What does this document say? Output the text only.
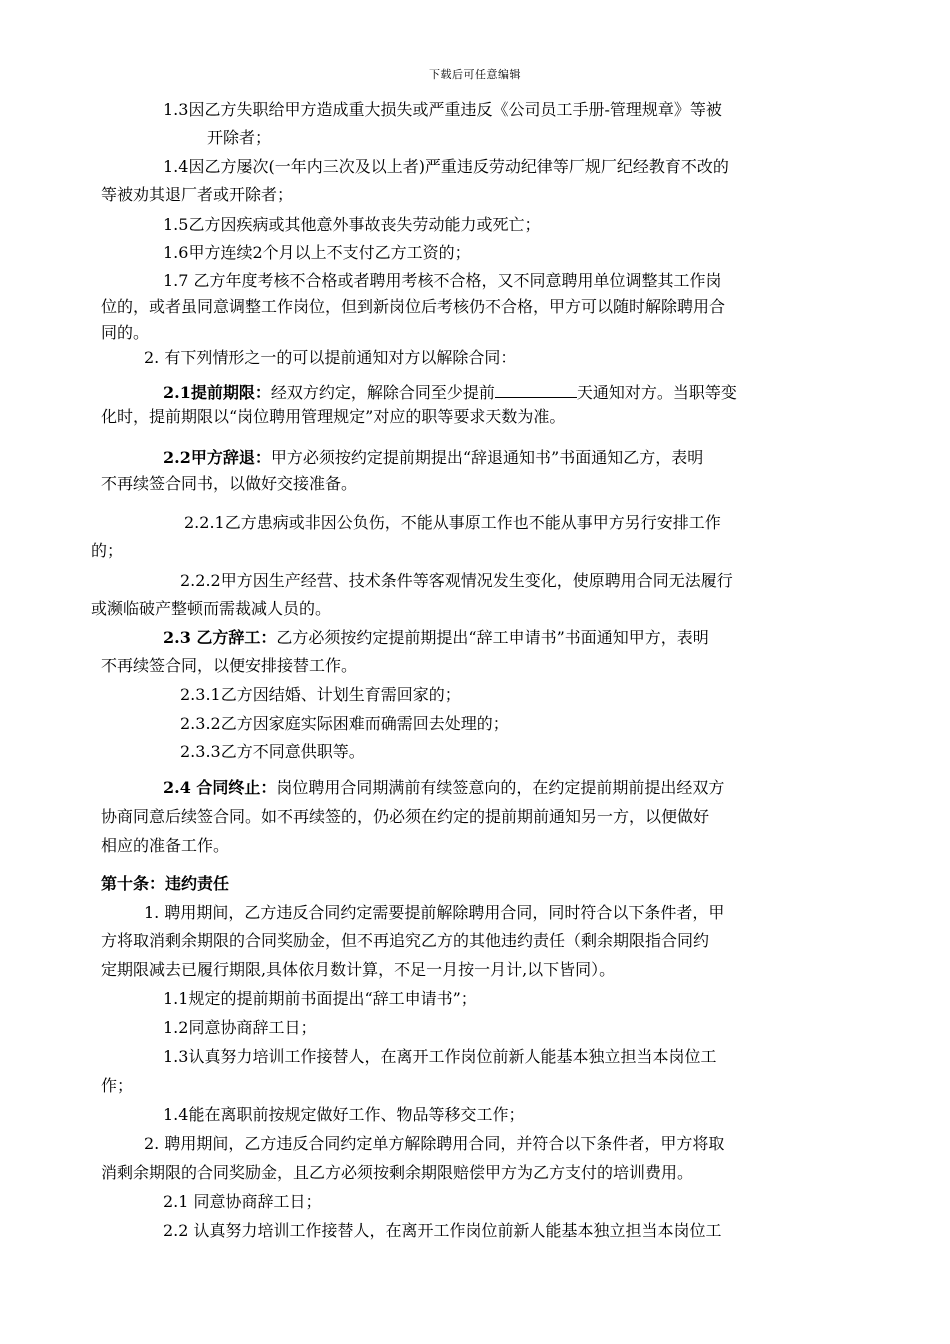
下载后可任意编辑
1.3因乙方失职给甲方造成重大损失或严重违反《公司员工手册-管理规章》等被
开除者；
1.4因乙方屡次(一年内三次及以上者)严重违反劳动纪律等厂规厂纪经教育不改的
等被劝其退厂者或开除者；
1.5乙方因疾病或其他意外事故丧失劳动能力或死亡；
1.6甲方连续2个月以上不支付乙方工资的；
1.7 乙方年度考核不合格或者聘用考核不合格，又不同意聘用单位调整其工作岗
位的，或者虽同意调整工作岗位，但到新岗位后考核仍不合格，甲方可以随时解除聘用合
同的。
2. 有下列情形之一的可以提前通知对方以解除合同：
2.1提前期限：经双方约定，解除合同至少提前	天通知对方。当职等变
化时，提前期限以“岗位聘用管理规定”对应的职等要求天数为准。
2.2甲方辞退：甲方必须按约定提前期提出“辞退通知书”书面通知乙方，表明
不再续签合同书，以做好交接准备。
2.2.1乙方患病或非因公负伤，不能从事原工作也不能从事甲方另行安排工作
的；
2.2.2甲方因生产经营、技术条件等客观情况发生变化，使原聘用合同无法履行
或濒临破产整顿而需裁减人员的。
2.3 乙方辞工：乙方必须按约定提前期提出“辞工申请书”书面通知甲方，表明
不再续签合同，以便安排接替工作。
2.3.1乙方因结婚、计划生育需回家的；
2.3.2乙方因家庭实际困难而确需回去处理的；
2.3.3乙方不同意供职等。
2.4 合同终止：岗位聘用合同期满前有续签意向的，在约定提前期前提出经双方
协商同意后续签合同。如不再续签的，仍必须在约定的提前期前通知另一方，以便做好
相应的准备工作。
第十条：违约责任
1. 聘用期间，乙方违反合同约定需要提前解除聘用合同，同时符合以下条件者，甲
方将取消剩余期限的合同奖励金，但不再追究乙方的其他违约责任（剩余期限指合同约
定期限减去已履行期限,具体依月数计算，不足一月按一月计,以下皆同）。
1.1规定的提前期前书面提出“辞工申请书”；
1.2同意协商辞工日；
1.3认真努力培训工作接替人，在离开工作岗位前新人能基本独立担当本岗位工
作；
1.4能在离职前按规定做好工作、物品等移交工作；
2. 聘用期间，乙方违反合同约定单方解除聘用合同，并符合以下条件者，甲方将取
消剩余期限的合同奖励金，且乙方必须按剩余期限赔偿甲方为乙方支付的培训费用。
2.1 同意协商辞工日；
2.2 认真努力培训工作接替人，在离开工作岗位前新人能基本独立担当本岗位工
